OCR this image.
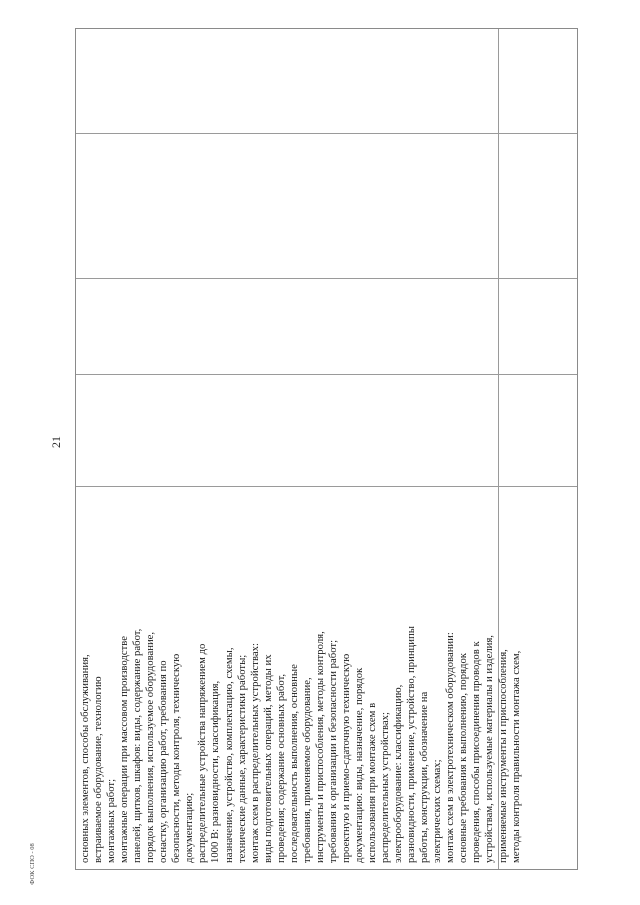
основных элементов, способы обслуживания, встраиваемое оборудование, технологию монтажных работ; монтажные операции при массовом производстве панелей, щитков, шкафов: виды, содержание работ, порядок выполнения, используемое оборудование, оснастку, организацию работ, требования по безопасности, методы контроля, техническую документацию; распределительные устройства напряжением до 1000 В: разновидности, классификация, назначение, устройство, комплектацию, схемы, технические данные, характеристики работы; монтаж схем в распределительных устройствах: виды подготовительных операций, методы их проведения; содержание основных работ, последовательность выполнения, основные требования, применяемое оборудование, инструменты и приспособления, методы контроля, требования к организации и безопасности работ; проектную и приемо-сдаточную техническую документацию: виды, назначение, порядок использования при монтаже схем в распределительных устройствах; электрооборудование: классификацию, разновидности, применение, устройство, принципы работы, конструкции, обозначение на электрических схемах; монтаж схем в электротехническом оборудовании: основные требования к выполнению, порядок проведения, способы присоединения проводов к устройствам, используемые материалы и изделия, применяемые инструменты и приспособления, методы контроля правильности монтажа схем,
21
ФОК СПО - 08
